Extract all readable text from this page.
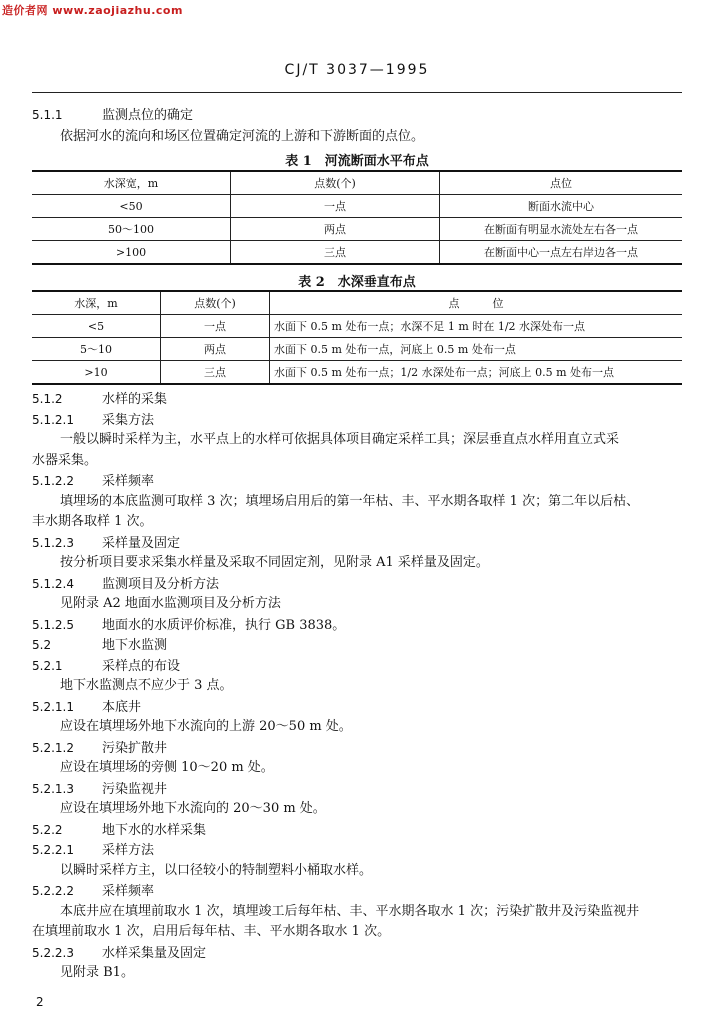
造价者网 www.zaojiazhu.com
CJ/T 3037—1995
5.1.1	监测点位的确定
依据河水的流向和场区位置确定河流的上游和下游断面的点位。
表 1　河流断面水平布点
水深宽，m	点数(个)	点位
<50	一点	断面水流中心
50～100	两点	在断面有明显水流处左右各一点
>100	三点	在断面中心一点左右岸边各一点
表 2　水深垂直布点
水深，m	点数(个)	点　　　位
<5	一点	水面下 0.5 m 处布一点；水深不足 1 m 时在 1/2 水深处布一点
5～10	两点	水面下 0.5 m 处布一点，河底上 0.5 m 处布一点
>10	三点	水面下 0.5 m 处布一点；1/2 水深处布一点；河底上 0.5 m 处布一点
5.1.2	水样的采集
5.1.2.1 采集方法
一般以瞬时采样为主，水平点上的水样可依据具体项目确定采样工具；深层垂直点水样用直立式采
水器采集。
5.1.2.2 采样频率
填埋场的本底监测可取样 3 次；填埋场启用后的第一年枯、丰、平水期各取样 1 次；第二年以后枯、
丰水期各取样 1 次。
5.1.2.3 采样量及固定
按分析项目要求采集水样量及采取不同固定剂，见附录 A1 采样量及固定。
5.1.2.4 监测项目及分析方法
见附录 A2 地面水监测项目及分析方法
5.1.2.5 地面水的水质评价标准，执行 GB 3838。
5.2	地下水监测
5.2.1	采样点的布设
地下水监测点不应少于 3 点。
5.2.1.1 本底井
应设在填埋场外地下水流向的上游 20～50 m 处。
5.2.1.2 污染扩散井
应设在填埋场的旁侧 10～20 m 处。
5.2.1.3 污染监视井
应设在填埋场外地下水流向的 20～30 m 处。
5.2.2	地下水的水样采集
5.2.2.1 采样方法
以瞬时采样方主，以口径较小的特制塑料小桶取水样。
5.2.2.2 采样频率
本底井应在填埋前取水 1 次，填埋竣工后每年枯、丰、平水期各取水 1 次；污染扩散井及污染监视井
在填埋前取水 1 次，启用后每年枯、丰、平水期各取水 1 次。
5.2.2.3 水样采集量及固定
见附录 B1。
2
